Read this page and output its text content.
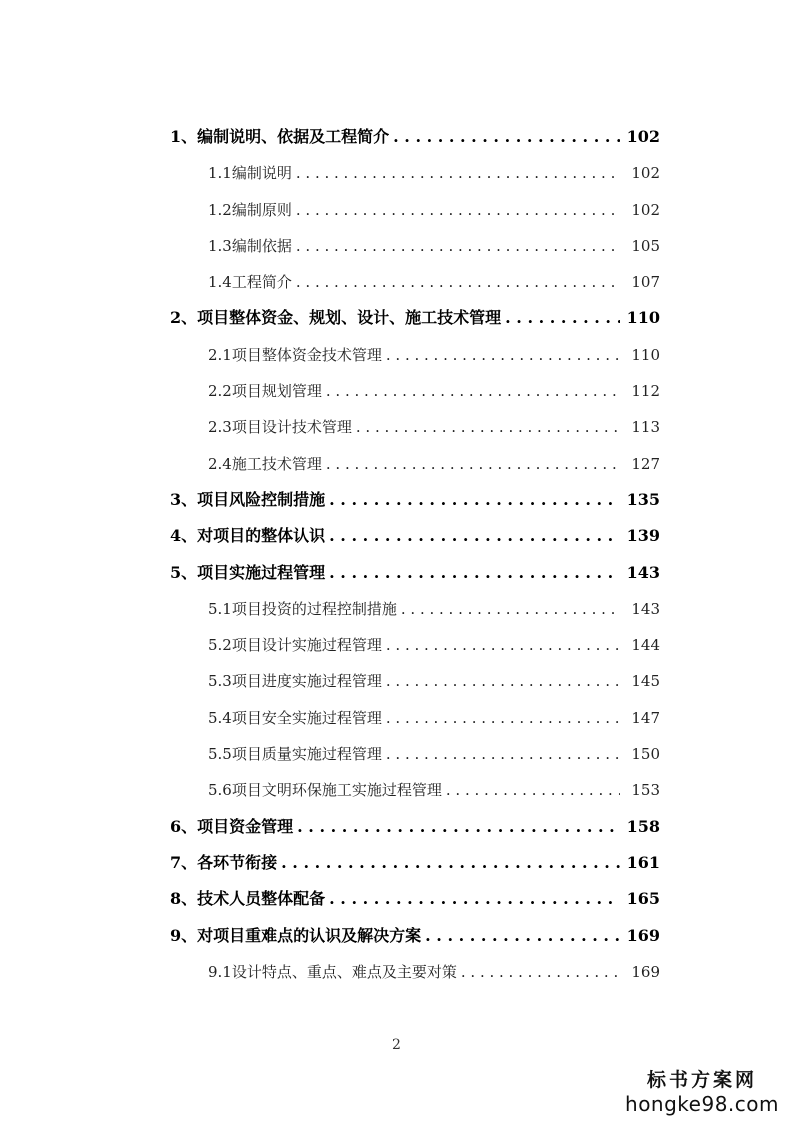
1、 编制说明、依据及工程简介 . . .	102
1.1 编制说明 . . .	102
1.2 编制原则 . . .	102
1.3 编制依据 . . .	105
1.4 工程简介 . . .	107
2、 项目整体资金、规划、设计、施工技术管理 . . .	110
2.1 项目整体资金技术管理 . . .	110
2.2 项目规划管理 . . .	112
2.3 项目设计技术管理 . . .	113
2.4 施工技术管理 . . .	127
3、 项目风险控制措施 . . .	135
4、 对项目的整体认识 . . .	139
5、 项目实施过程管理 . . .	143
5.1 项目投资的过程控制措施 . . .	143
5.2 项目设计实施过程管理 . . .	144
5.3 项目进度实施过程管理 . . .	145
5.4 项目安全实施过程管理 . . .	147
5.5 项目质量实施过程管理 . . .	150
5.6 项目文明环保施工实施过程管理 . . .	153
6、 项目资金管理 . . .	158
7、 各环节衔接 . . .	161
8、 技术人员整体配备 . . .	165
9、 对项目重难点的认识及解决方案 . . .	169
9.1 设计特点、重点、难点及主要对策 . . .	169
2
标书方案网
hongke98.com
